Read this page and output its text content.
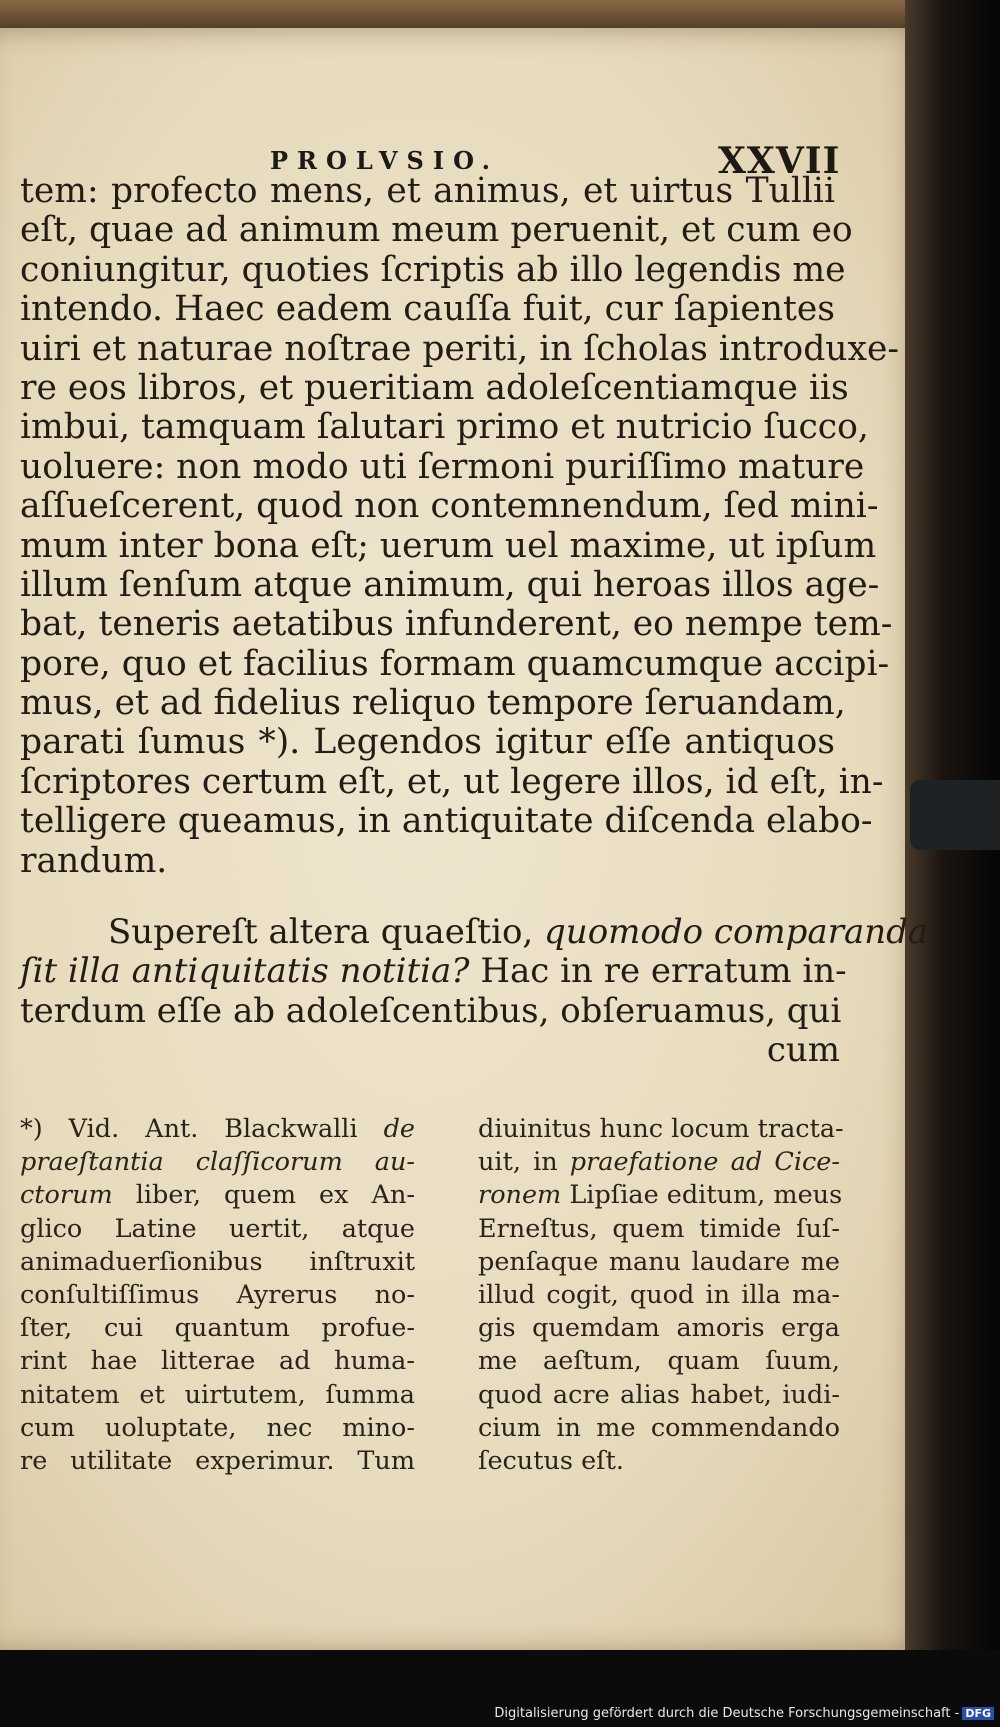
PROLVSIO.	XXVII
tem: profecto mens, et animus, et uirtus Tullii
eſt, quae ad animum meum peruenit, et cum eo
coniungitur, quoties ſcriptis ab illo legendis me
intendo. Haec eadem cauſſa fuit, cur ſapientes
uiri et naturae noſtrae periti, in ſcholas introduxe-
re eos libros, et pueritiam adoleſcentiamque iis
imbui, tamquam ſalutari primo et nutricio ſucco,
uoluere: non modo uti ſermoni puriſſimo mature
aſſueſcerent, quod non contemnendum, ſed mini-
mum inter bona eſt; uerum uel maxime, ut ipſum
illum ſenſum atque animum, qui heroas illos age-
bat, teneris aetatibus infunderent, eo nempe tem-
pore, quo et facilius formam quamcumque accipi-
mus, et ad fidelius reliquo tempore ſeruandam,
parati ſumus *). Legendos igitur eſſe antiquos
ſcriptores certum eſt, et, ut legere illos, id eſt, in-
telligere queamus, in antiquitate diſcenda elabo-
randum.
Supereſt altera quaeſtio, quomodo comparanda
ſit illa antiquitatis notitia? Hac in re erratum in-
terdum eſſe ab adoleſcentibus, obſeruamus, qui
cum
*) Vid. Ant. Blackwalli de
praeſtantia claſſicorum au-
ctorum liber, quem ex An-
glico Latine uertit, atque
animaduerſionibus inſtruxit
conſultiſſimus Ayrerus no-
ſter, cui quantum profue-
rint hae litterae ad huma-
nitatem et uirtutem, ſumma
cum uoluptate, nec mino-
re utilitate experimur. Tum
diuinitus hunc locum tracta-
uit, in praefatione ad Cice-
ronem Lipſiae editum, meus
Erneſtus, quem timide ſuſ-
penſaque manu laudare me
illud cogit, quod in illa ma-
gis quemdam amoris erga
me aeſtum, quam ſuum,
quod acre alias habet, iudi-
cium in me commendando
ſecutus eſt.
Digitalisierung gefördert durch die Deutsche Forschungsgemeinschaft - DFG
